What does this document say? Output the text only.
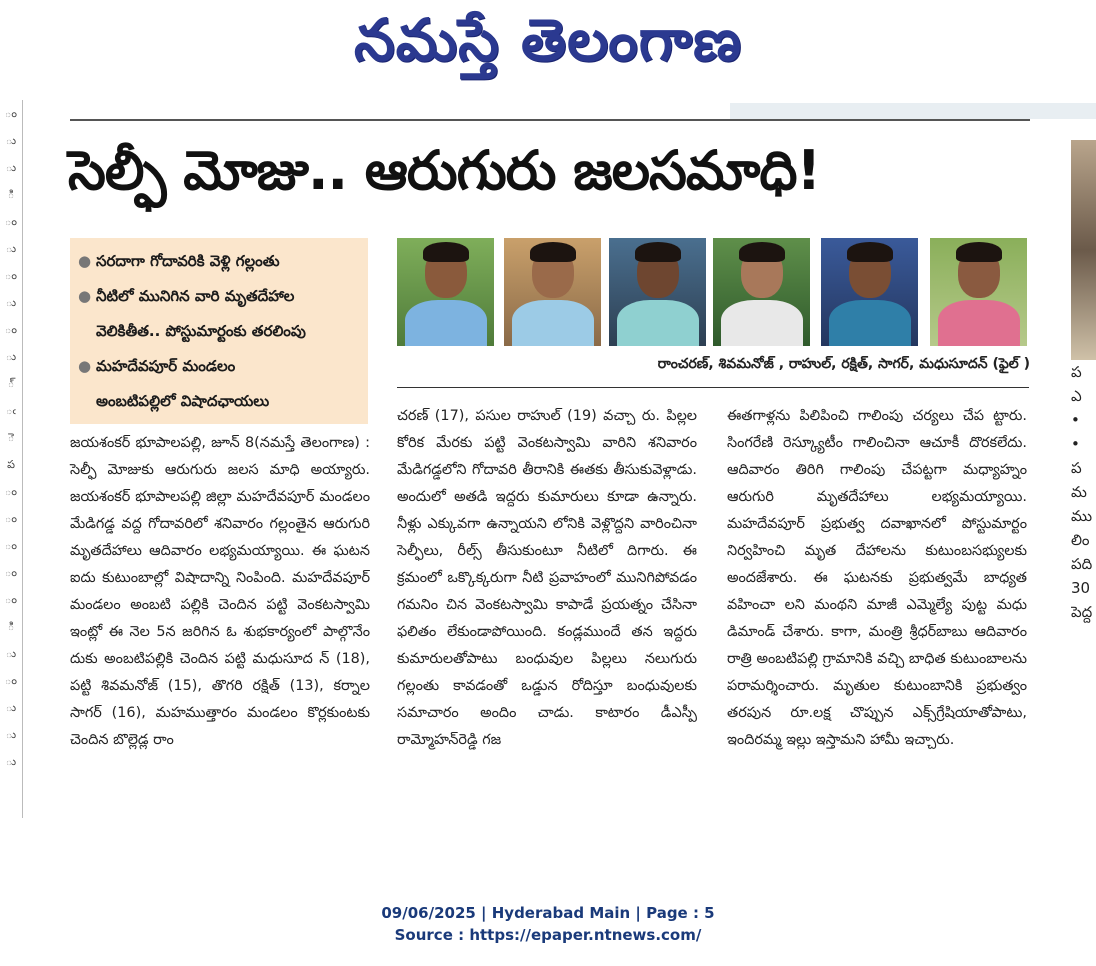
నమస్తే తెలంగాణ
ం
ు
ు
ి
ం
ు
ం
ు
ం
ు
్
ఁ
ె
ప
ం
ం
ం
ం
ం
ి
ు
ం
ు
ు
ు
సెల్ఫీ మోజు.. ఆరుగురు జలసమాధి!
ప
ఎ
•
•
ప
మ
ము
లిం
పది
30
పెద్ద
● సరదాగా గోదావరికి వెళ్లి గల్లంతు
● నీటిలో మునిగిన వారి మృతదేహాల
వెలికితీత.. పోస్టుమార్టంకు తరలింపు
● మహదేవపూర్‌ మండలం
అంబటిపల్లిలో విషాదఛాయలు
రాంచరణ్‌, శివమనోజ్‌ , రాహుల్‌, రక్షిత్‌, సాగర్‌, మధుసూదన్‌ (ఫైల్‌ )

జయశంకర్‌ భూపాలపల్లి, జూన్‌ 8(నమస్తే తెలంగాణ) : సెల్ఫీ మోజుకు ఆరుగురు జలస మాధి అయ్యారు. జయశంకర్‌ భూపాలపల్లి జిల్లా మహదేవపూర్‌ మండలం మేడిగడ్డ వద్ద గోదావరిలో శనివారం గల్లంతైన ఆరుగురి మృతదేహాలు ఆదివారం లభ్యమయ్యాయి. ఈ ఘటన ఐదు కుటుంబాల్లో విషాదాన్ని నింపింది. మహదేవపూర్‌ మండలం అంబటి పల్లికి చెందిన పట్టి వెంకటస్వామి ఇంట్లో ఈ నెల 5న జరిగిన ఓ శుభకార్యంలో పాల్గొనేం దుకు అంబటిపల్లికి చెందిన పట్టి మధుసూద న్‌ (18), పట్టి శివమనోజ్‌ (15), తొగరి రక్షిత్‌ (13), కర్నాల సాగర్‌ (16), మహముత్తారం మండలం కొర్లకుంటకు చెందిన బొల్లెడ్ల రాం

చరణ్‌ (17), పసుల రాహుల్‌ (19) వచ్చా రు. పిల్లల కోరిక మేరకు పట్టి వెంకటస్వామి వారిని శనివారం మేడిగడ్డలోని గోదావరి తీరానికి ఈతకు తీసుకువెళ్లాడు. అందులో అతడి ఇద్దరు కుమారులు కూడా ఉన్నారు. నీళ్లు ఎక్కువగా ఉన్నాయని లోనికి వెళ్లొద్దని వారించినా సెల్ఫీలు, రీల్స్‌ తీసుకుంటూ నీటిలో దిగారు. ఈ క్రమంలో ఒక్కొక్కరుగా నీటి ప్రవాహంలో మునిగిపోవడం గమనిం చిన వెంకటస్వామి కాపాడే ప్రయత్నం చేసినా ఫలితం లేకుండాపోయింది. కండ్లముందే తన ఇద్దరు కుమారులతోపాటు బంధువుల పిల్లలు నలుగురు గల్లంతు కావడంతో ఒడ్డున రోదిస్తూ బంధువులకు సమాచారం అందిం చాడు. కాటారం డీఎస్పీ రామ్మోహన్‌రెడ్డి గజ

ఈతగాళ్లను పిలిపించి గాలింపు చర్యలు చేప ట్టారు. సింగరేణి రెస్క్యూటీం గాలించినా ఆచూకీ దొరకలేదు. ఆదివారం తిరిగి గాలింపు చేపట్టగా మధ్యాహ్నం ఆరుగురి మృతదేహాలు లభ్యమయ్యాయి. మహదేవపూర్‌ ప్రభుత్వ దవాఖానలో పోస్టుమార్టం నిర్వహించి మృత దేహాలను కుటుంబసభ్యులకు అందజేశారు. ఈ ఘటనకు ప్రభుత్వమే బాధ్యత వహించా లని మంథని మాజీ ఎమ్మెల్యే పుట్ట మధు డిమాండ్‌ చేశారు. కాగా, మంత్రి శ్రీధర్‌బాబు ఆదివారం రాత్రి అంబటిపల్లి గ్రామానికి వచ్చి బాధిత కుటుంబాలను పరామర్శించారు. మృతుల కుటుంబానికి ప్రభుత్వం తరపున రూ.లక్ష చొప్పున ఎక్స్‌గ్రేషియాతోపాటు, ఇందిరమ్మ ఇల్లు ఇస్తామని హామీ ఇచ్చారు.

09/06/2025 | Hyderabad Main | Page : 5
Source : https://epaper.ntnews.com/
